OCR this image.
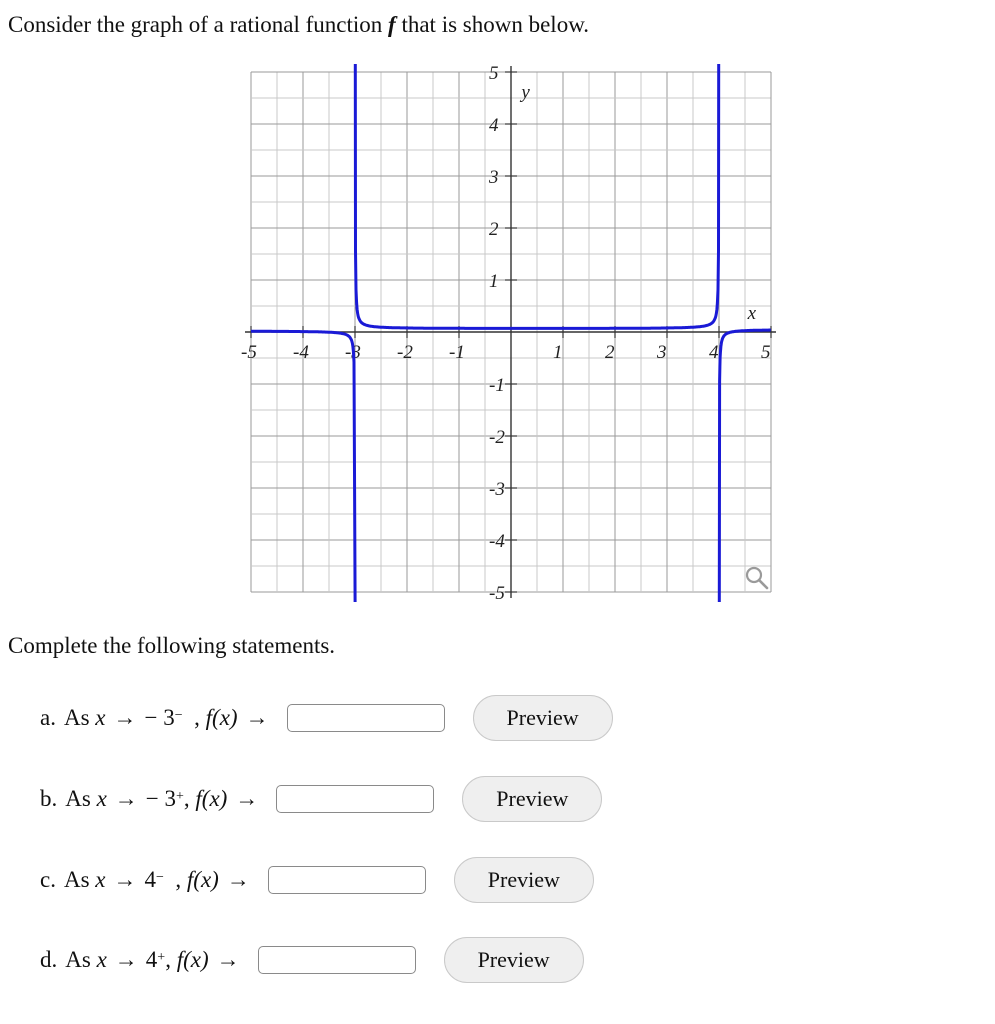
Consider the graph of a rational function f that is shown below.
-5 -4 -3 -2 -1	1 2 3 4 5
5
4
3
2
1
-1
-2
-3
-4
-5
x
y
Complete the following statements.
a. As
x → − 3− , f(x) →	Preview
b. As
x → − 3+ , f(x) →	Preview
c. As
x → 4− , f(x) →	Preview
d. As
x → 4+ , f(x) →	Preview
